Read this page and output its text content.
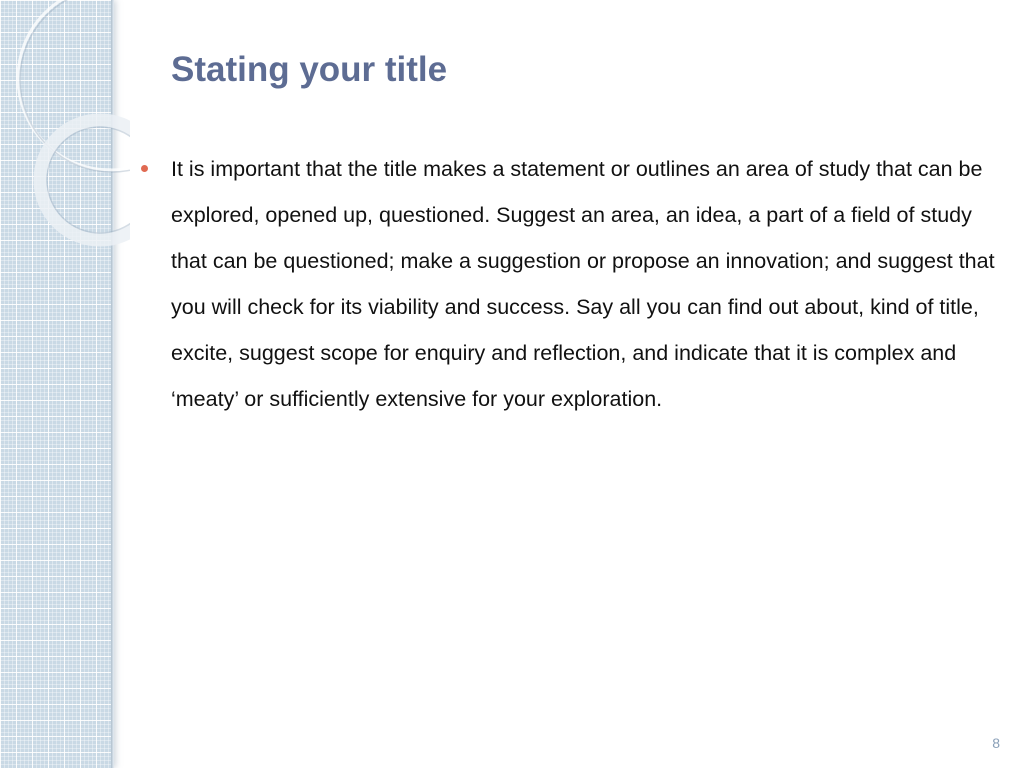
Stating your title

It is important that the title makes a statement or outlines an area of study that can be explored, opened up, questioned. Suggest an area, an idea, a part of a field of study that can be questioned; make a suggestion or propose an innovation; and suggest that you will check for its viability and success. Say all you can find out about, kind of title, excite, suggest scope for enquiry and reflection, and indicate that it is complex and ‘meaty’ or sufficiently extensive for your exploration.

8
